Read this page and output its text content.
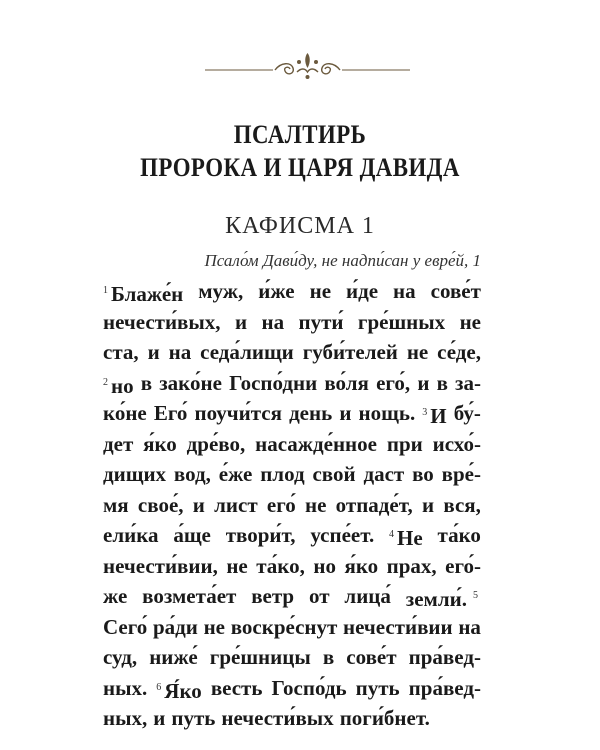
ПСАЛТИРЬ
ПРОРОКА И ЦАРЯ ДАВИДА
КАФИСМА 1
Псало́м Дави́ду, не надпи́сан у евре́й, 1
$^1$ Блаже́н муж, и́же не и́де на сове́т
нечести́вых, и на пути́ гре́шных не
ста, и на седа́лищи губи́телей не се́де,
$^2$ но в зако́не Госпо́дни во́ля его́, и в за-
ко́не Его́ поучи́тся день и нощь. $^3$ И бу́-
дет я́ко дре́во, насажде́нное при исхо́-
дищих вод, е́же плод свой даст во вре́-
мя свое́, и лист его́ не отпаде́т, и вся,
ели́ка а́ще твори́т, успе́ет. $^4$ Не та́ко
нечести́вии, не та́ко, но я́ко прах, его́-
же возмета́ет ветр от лица́ земли́. $^5$
Сего́ ра́ди не воскре́снут нечести́вии на
суд, ниже́ гре́шницы в сове́т пра́вед-
ных. $^6$ Я́ко весть Госпо́дь путь пра́вед-
ных, и путь нечести́вых поги́бнет.
